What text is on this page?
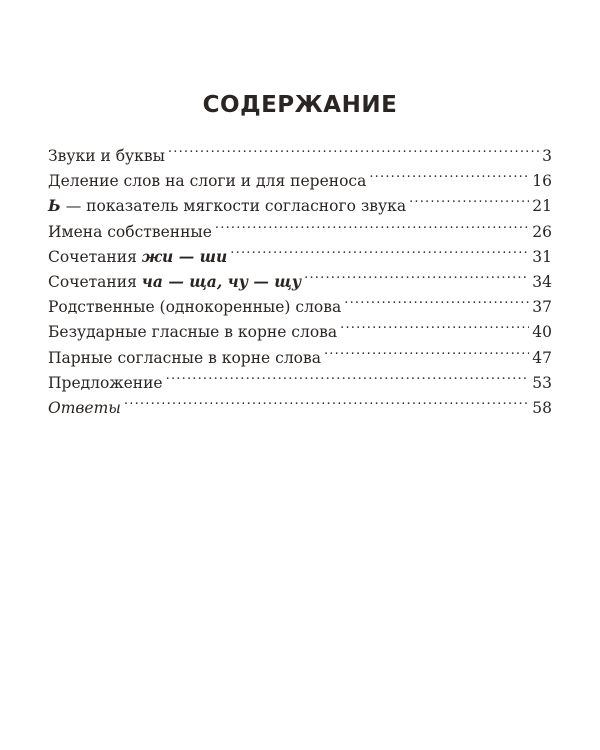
СОДЕРЖАНИЕ
Звуки и буквы .....	3
Деление слов на слоги и для переноса .....	16
Ь — показатель мягкости согласного звука .....	21
Имена собственные .....	26
Сочетания жи — ши .....	31
Сочетания ча — ща, чу — щу .....	34
Родственные (однокоренные) слова .....	37
Безударные гласные в корне слова .....	40
Парные согласные в корне слова .....	47
Предложение .....	53
Ответы .....	58
